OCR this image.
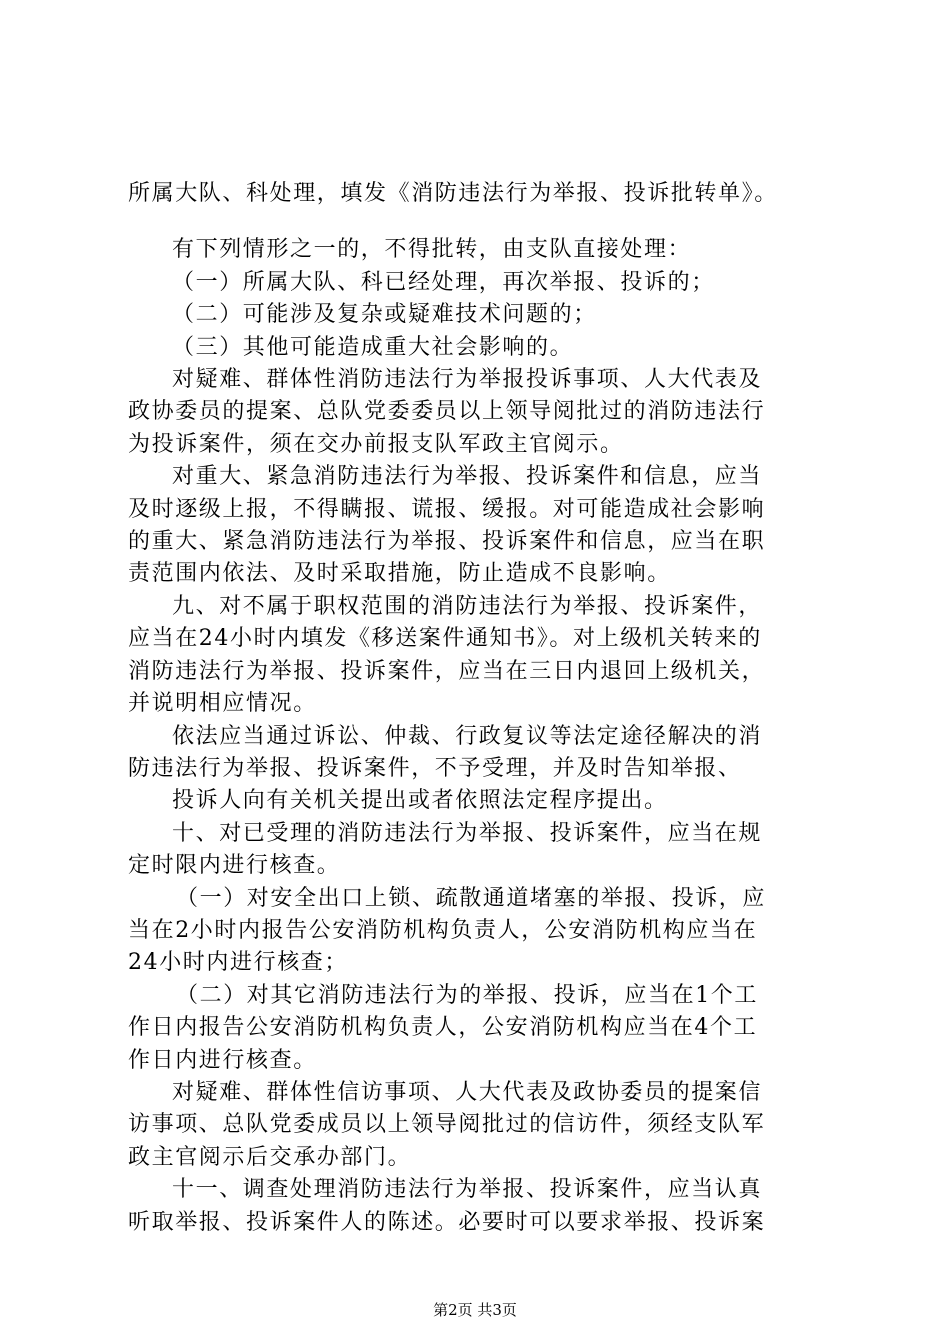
所属大队、科处理，填发《消防违法行为举报、投诉批转单》。
有下列情形之一的，不得批转，由支队直接处理：
（一）所属大队、科已经处理，再次举报、投诉的；
（二）可能涉及复杂或疑难技术问题的；
（三）其他可能造成重大社会影响的。
对疑难、群体性消防违法行为举报投诉事项、人大代表及
政协委员的提案、总队党委委员以上领导阅批过的消防违法行
为投诉案件，须在交办前报支队军政主官阅示。
对重大、紧急消防违法行为举报、投诉案件和信息，应当
及时逐级上报，不得瞒报、谎报、缓报。对可能造成社会影响
的重大、紧急消防违法行为举报、投诉案件和信息，应当在职
责范围内依法、及时采取措施，防止造成不良影响。
九、对不属于职权范围的消防违法行为举报、投诉案件，
应当在24小时内填发《移送案件通知书》。对上级机关转来的
消防违法行为举报、投诉案件，应当在三日内退回上级机关，
并说明相应情况。
依法应当通过诉讼、仲裁、行政复议等法定途径解决的消
防违法行为举报、投诉案件，不予受理，并及时告知举报、
投诉人向有关机关提出或者依照法定程序提出。
十、对已受理的消防违法行为举报、投诉案件，应当在规
定时限内进行核查。
（一）对安全出口上锁、疏散通道堵塞的举报、投诉，应
当在2小时内报告公安消防机构负责人，公安消防机构应当在
24小时内进行核查；
（二）对其它消防违法行为的举报、投诉，应当在1个工
作日内报告公安消防机构负责人，公安消防机构应当在4个工
作日内进行核查。
对疑难、群体性信访事项、人大代表及政协委员的提案信
访事项、总队党委成员以上领导阅批过的信访件，须经支队军
政主官阅示后交承办部门。
十一、调查处理消防违法行为举报、投诉案件，应当认真
听取举报、投诉案件人的陈述。必要时可以要求举报、投诉案
第2页 共3页
